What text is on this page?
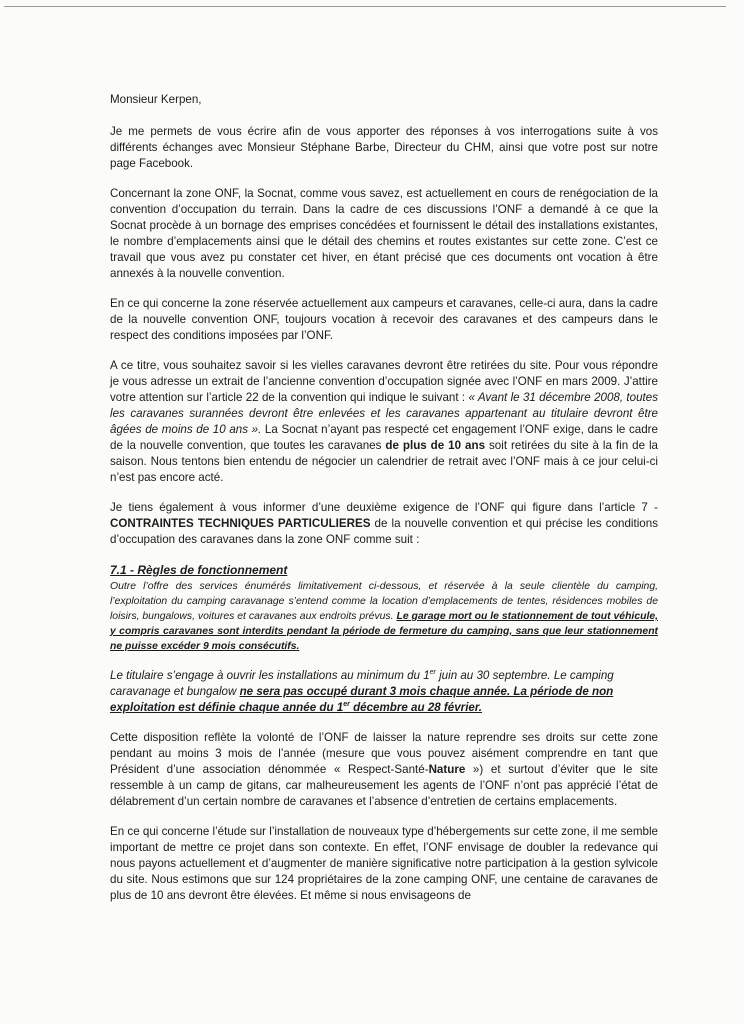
Monsieur Kerpen,

Je me permets de vous écrire afin de vous apporter des réponses à vos interrogations suite à vos différents échanges avec Monsieur Stéphane Barbe, Directeur du CHM, ainsi que votre post sur notre page Facebook.

Concernant la zone ONF, la Socnat, comme vous savez, est actuellement en cours de renégociation de la convention d’occupation du terrain. Dans la cadre de ces discussions l’ONF a demandé à ce que la Socnat procède à un bornage des emprises concédées et fournissent le détail des installations existantes, le nombre d’emplacements ainsi que le détail des chemins et routes existantes sur cette zone. C’est ce travail que vous avez pu constater cet hiver, en étant précisé que ces documents ont vocation à être annexés à la nouvelle convention.

En ce qui concerne la zone réservée actuellement aux campeurs et caravanes, celle-ci aura, dans la cadre de la nouvelle convention ONF, toujours vocation à recevoir des caravanes et des campeurs dans le respect des conditions imposées par l’ONF.

A ce titre, vous souhaitez savoir si les vielles caravanes devront être retirées du site. Pour vous répondre je vous adresse un extrait de l’ancienne convention d’occupation signée avec l’ONF en mars 2009. J’attire votre attention sur l’article 22 de la convention qui indique le suivant : « Avant le 31 décembre 2008, toutes les caravanes surannées devront être enlevées et les caravanes appartenant au titulaire devront être âgées de moins de 10 ans ». La Socnat n’ayant pas respecté cet engagement l’ONF exige, dans le cadre de la nouvelle convention, que toutes les caravanes de plus de 10 ans soit retirées du site à la fin de la saison. Nous tentons bien entendu de négocier un calendrier de retrait avec l’ONF mais à ce jour celui-ci n’est pas encore acté.

Je tiens également à vous informer d’une deuxième exigence de l’ONF qui figure dans l’article 7 - CONTRAINTES TECHNIQUES PARTICULIERES de la nouvelle convention et qui précise les conditions d’occupation des caravanes dans la zone ONF comme suit :

7.1 - Règles de fonctionnement
Outre l’offre des services énumérés limitativement ci-dessous, et réservée à la seule clientèle du camping, l’exploitation du camping caravanage s’entend comme la location d’emplacements de tentes, résidences mobiles de loisirs, bungalows, voitures et caravanes aux endroits prévus. Le garage mort ou le stationnement de tout véhicule, y compris caravanes sont interdits pendant la période de fermeture du camping, sans que leur stationnement ne puisse excéder 9 mois consécutifs.

Le titulaire s’engage à ouvrir les installations au minimum du 1er juin au 30 septembre. Le camping caravanage et bungalow ne sera pas occupé durant 3 mois chaque année. La période de non exploitation est définie chaque année du 1er décembre au 28 février.

Cette disposition reflète la volonté de l’ONF de laisser la nature reprendre ses droits sur cette zone pendant au moins 3 mois de l’année (mesure que vous pouvez aisément comprendre en tant que Président d’une association dénommée « Respect-Santé-Nature ») et surtout d’éviter que le site ressemble à un camp de gitans, car malheureusement les agents de l’ONF n’ont pas apprécié l’état de délabrement d’un certain nombre de caravanes et l’absence d’entretien de certains emplacements.

En ce qui concerne l’étude sur l’installation de nouveaux type d’hébergements sur cette zone, il me semble important de mettre ce projet dans son contexte. En effet, l’ONF envisage de doubler la redevance qui nous payons actuellement et d’augmenter de manière significative notre participation à la gestion sylvicole du site. Nous estimons que sur 124 propriétaires de la zone camping ONF, une centaine de caravanes de plus de 10 ans devront être élevées. Et même si nous envisageons de
